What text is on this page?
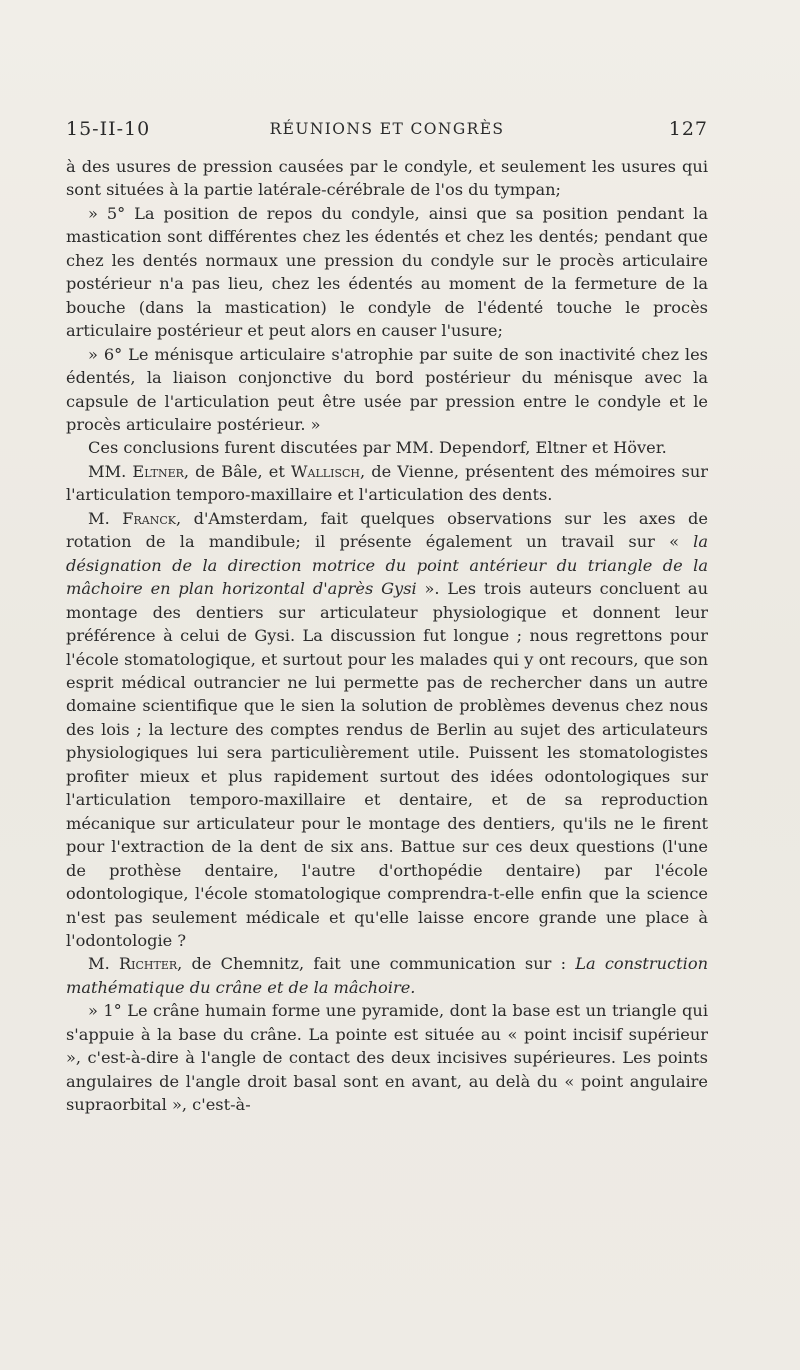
15-II-10	RÉUNIONS ET CONGRÈS	127

à des usures de pression causées par le condyle, et seulement les usures qui sont situées à la partie latérale-cérébrale de l'os du tympan;

» 5° La position de repos du condyle, ainsi que sa position pendant la mastication sont différentes chez les édentés et chez les dentés; pendant que chez les dentés normaux une pression du condyle sur le procès articulaire postérieur n'a pas lieu, chez les édentés au moment de la fermeture de la bouche (dans la mastication) le condyle de l'édenté touche le procès articulaire postérieur et peut alors en causer l'usure;

» 6° Le ménisque articulaire s'atrophie par suite de son inactivité chez les édentés, la liaison conjonctive du bord postérieur du ménisque avec la capsule de l'articulation peut être usée par pression entre le condyle et le procès articulaire postérieur. »

Ces conclusions furent discutées par MM. Dependorf, Eltner et Höver.

MM. Eltner, de Bâle, et Wallisch, de Vienne, présentent des mémoires sur l'articulation temporo-maxillaire et l'articulation des dents.

M. Franck, d'Amsterdam, fait quelques observations sur les axes de rotation de la mandibule; il présente également un travail sur « la désignation de la direction motrice du point antérieur du triangle de la mâchoire en plan horizontal d'après Gysi ». Les trois auteurs concluent au montage des dentiers sur articulateur physiologique et donnent leur préférence à celui de Gysi. La discussion fut longue ; nous regrettons pour l'école stomatologique, et surtout pour les malades qui y ont recours, que son esprit médical outrancier ne lui permette pas de rechercher dans un autre domaine scientifique que le sien la solution de problèmes devenus chez nous des lois ; la lecture des comptes rendus de Berlin au sujet des articulateurs physiologiques lui sera particulièrement utile. Puissent les stomatologistes profiter mieux et plus rapidement surtout des idées odontologiques sur l'articulation temporo-maxillaire et dentaire, et de sa reproduction mécanique sur articulateur pour le montage des dentiers, qu'ils ne le firent pour l'extraction de la dent de six ans. Battue sur ces deux questions (l'une de prothèse dentaire, l'autre d'orthopédie dentaire) par l'école odontologique, l'école stomatologique comprendra-t-elle enfin que la science n'est pas seulement médicale et qu'elle laisse encore grande une place à l'odontologie ?

M. Richter, de Chemnitz, fait une communication sur : La construction mathématique du crâne et de la mâchoire.

» 1° Le crâne humain forme une pyramide, dont la base est un triangle qui s'appuie à la base du crâne. La pointe est située au « point incisif supérieur », c'est-à-dire à l'angle de contact des deux incisives supérieures. Les points angulaires de l'angle droit basal sont en avant, au delà du « point angulaire supraorbital », c'est-à-
